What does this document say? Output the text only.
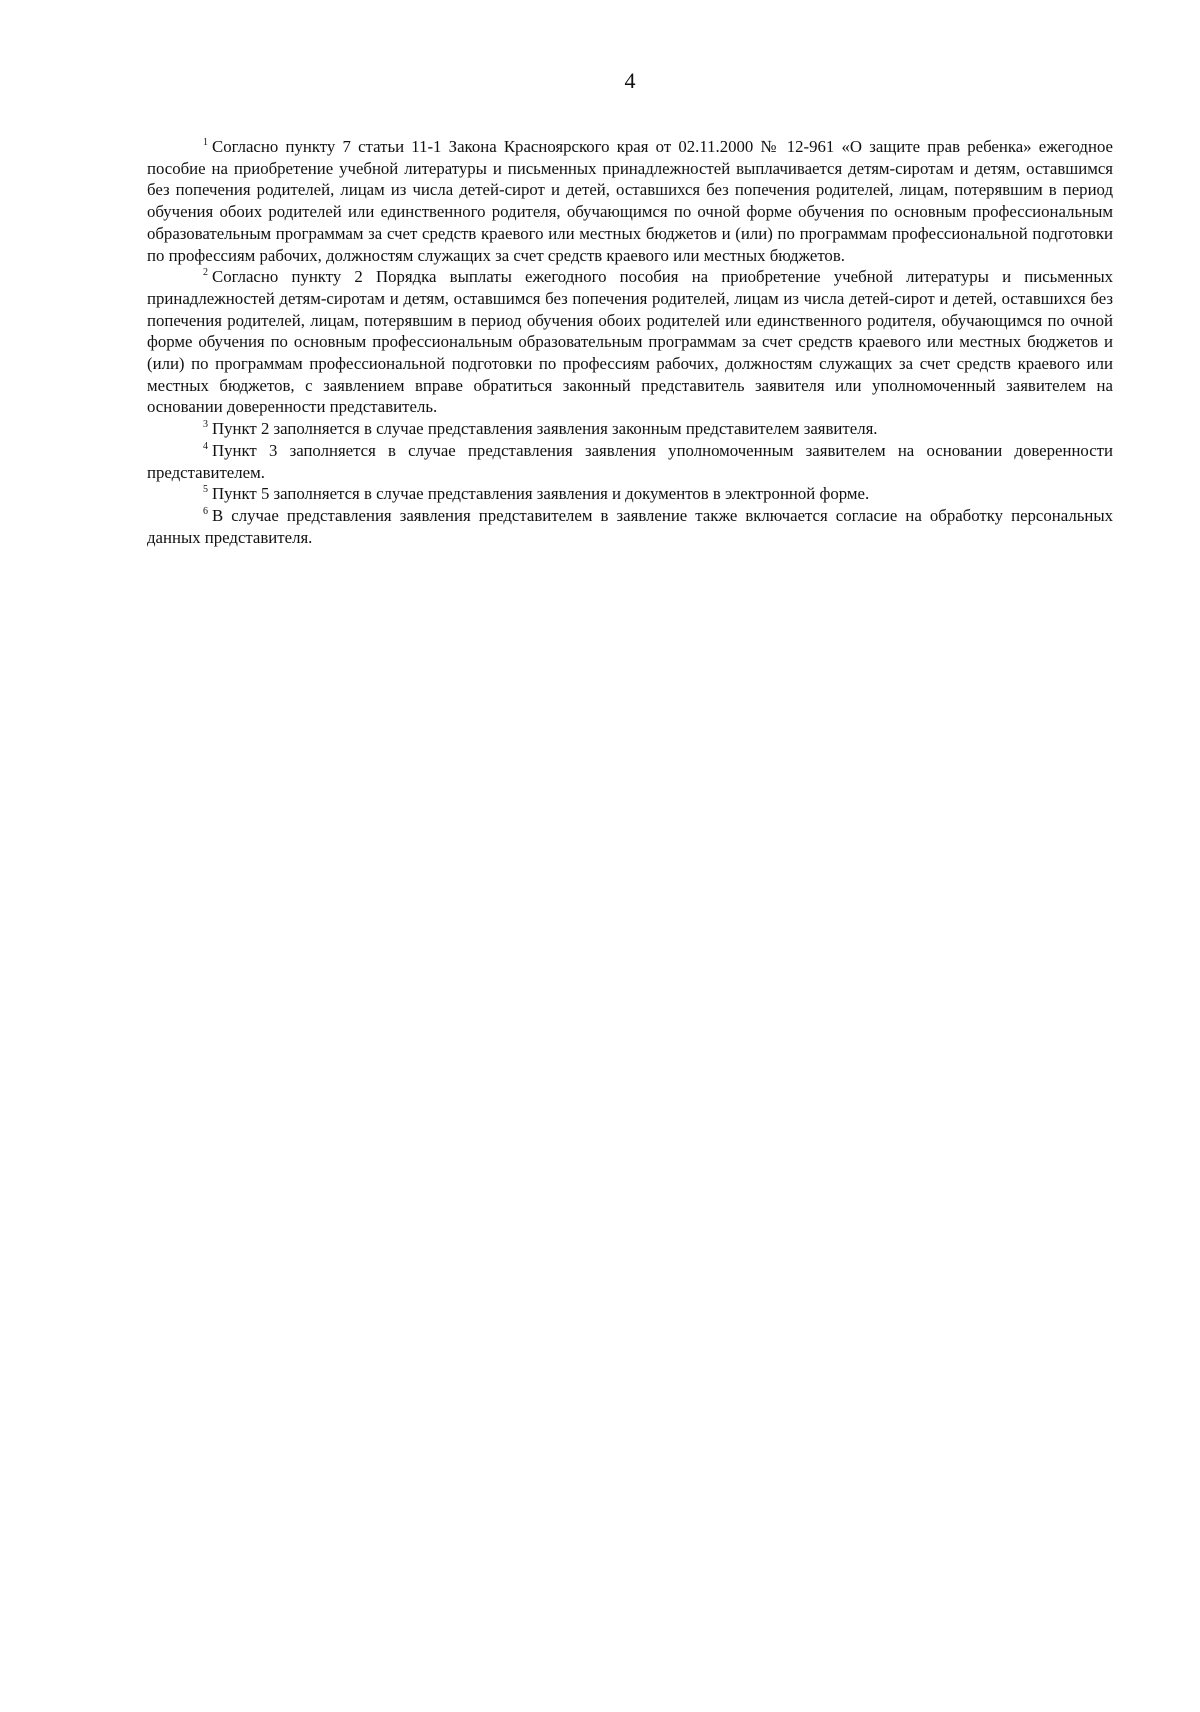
4

$^1$ Согласно пункту 7 статьи 11-1 Закона Красноярского края от 02.11.2000 № 12-961 «О защите прав ребенка» ежегодное пособие на приобретение учебной литературы и письменных принадлежностей выплачивается детям-сиротам и детям, оставшимся без попечения родителей, лицам из числа детей-сирот и детей, оставшихся без попечения родителей, лицам, потерявшим в период обучения обоих родителей или единственного родителя, обучающимся по очной форме обучения по основным профессиональным образовательным программам за счет средств краевого или местных бюджетов и (или) по программам профессиональной подготовки по профессиям рабочих, должностям служащих за счет средств краевого или местных бюджетов.

$^2$ Согласно пункту 2 Порядка выплаты ежегодного пособия на приобретение учебной литературы и письменных принадлежностей детям-сиротам и детям, оставшимся без попечения родителей, лицам из числа детей-сирот и детей, оставшихся без попечения родителей, лицам, потерявшим в период обучения обоих родителей или единственного родителя, обучающимся по очной форме обучения по основным профессиональным образовательным программам за счет средств краевого или местных бюджетов и (или) по программам профессиональной подготовки по профессиям рабочих, должностям служащих за счет средств краевого или местных бюджетов, с заявлением вправе обратиться законный представитель заявителя или уполномоченный заявителем на основании доверенности представитель.

$^3$ Пункт 2 заполняется в случае представления заявления законным представителем заявителя.

$^4$ Пункт 3 заполняется в случае представления заявления уполномоченным заявителем на основании доверенности представителем.

$^5$ Пункт 5 заполняется в случае представления заявления и документов в электронной форме.

$^6$ В случае представления заявления представителем в заявление также включается согласие на обработку персональных данных представителя.
